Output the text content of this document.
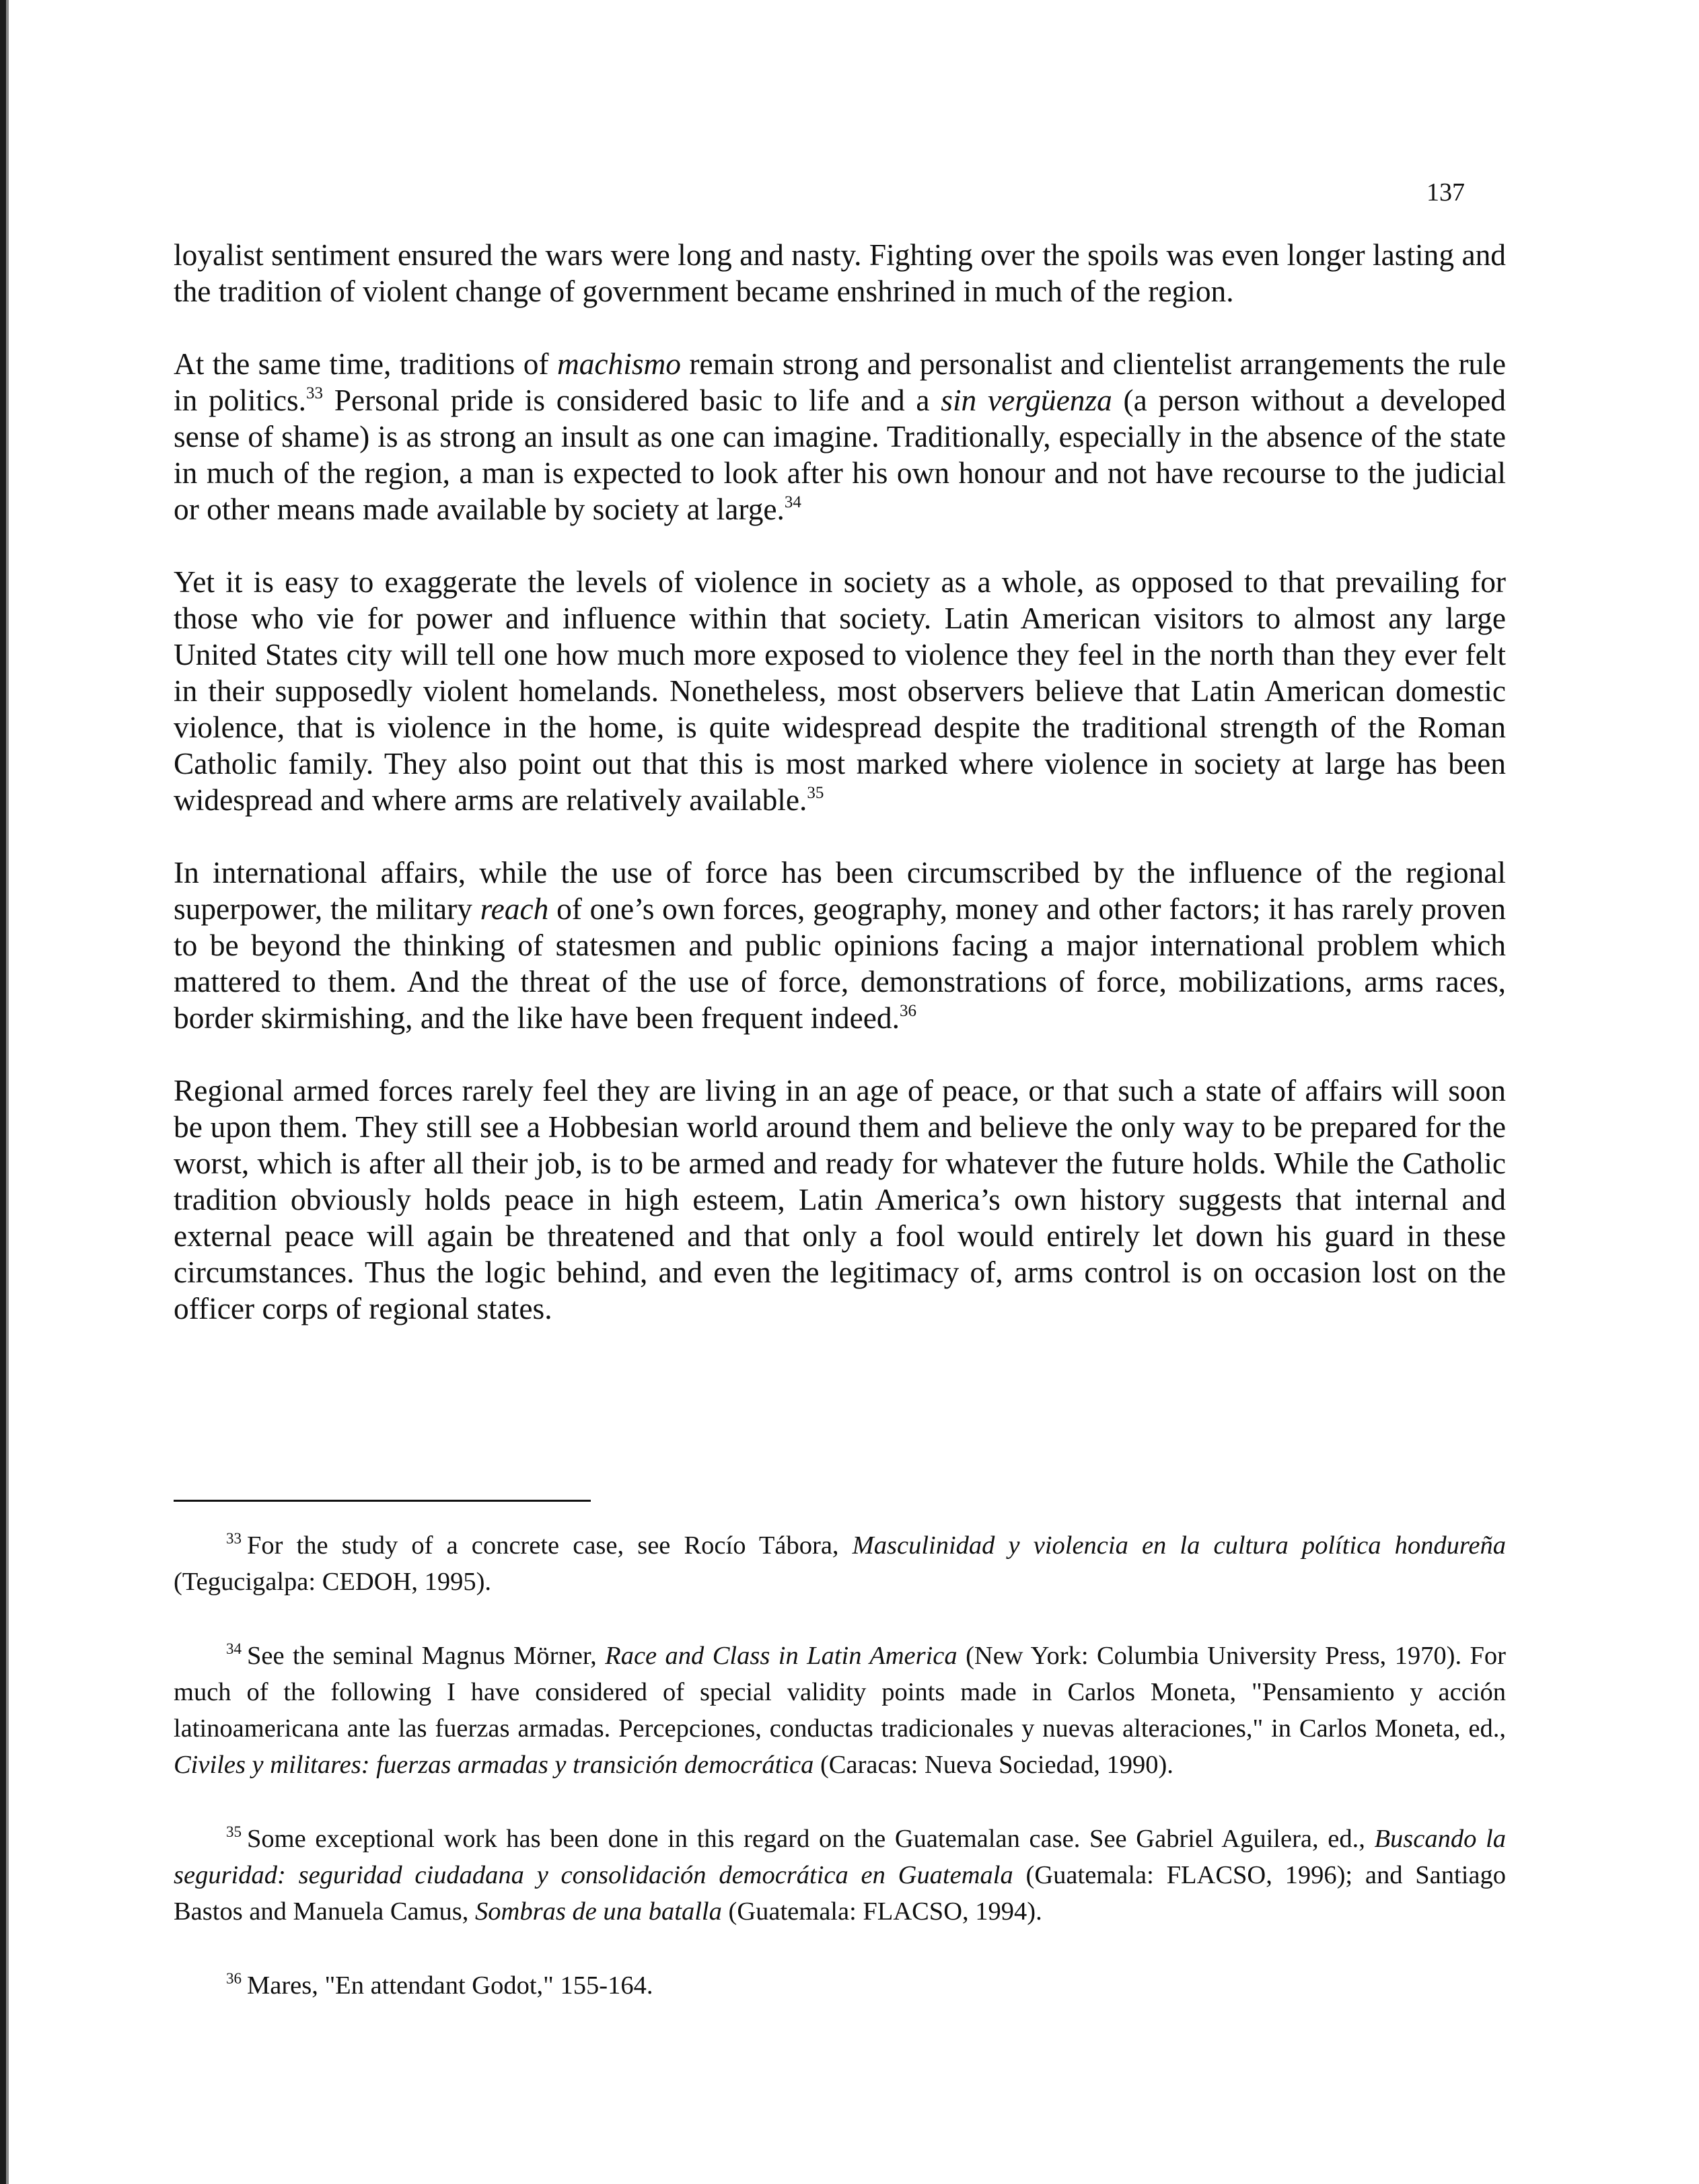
137

loyalist sentiment ensured the wars were long and nasty. Fighting over the spoils was even longer lasting and the tradition of violent change of government became enshrined in much of the region.

At the same time, traditions of machismo remain strong and personalist and clientelist arrangements the rule in politics.$^{33}$ Personal pride is considered basic to life and a sin vergüenza (a person without a developed sense of shame) is as strong an insult as one can imagine. Traditionally, especially in the absence of the state in much of the region, a man is expected to look after his own honour and not have recourse to the judicial or other means made available by society at large.$^{34}$

Yet it is easy to exaggerate the levels of violence in society as a whole, as opposed to that prevailing for those who vie for power and influence within that society. Latin American visitors to almost any large United States city will tell one how much more exposed to violence they feel in the north than they ever felt in their supposedly violent homelands. Nonetheless, most observers believe that Latin American domestic violence, that is violence in the home, is quite widespread despite the traditional strength of the Roman Catholic family. They also point out that this is most marked where violence in society at large has been widespread and where arms are relatively available.$^{35}$

In international affairs, while the use of force has been circumscribed by the influence of the regional superpower, the military reach of one’s own forces, geography, money and other factors; it has rarely proven to be beyond the thinking of statesmen and public opinions facing a major international problem which mattered to them. And the threat of the use of force, demonstrations of force, mobilizations, arms races, border skirmishing, and the like have been frequent indeed.$^{36}$

Regional armed forces rarely feel they are living in an age of peace, or that such a state of affairs will soon be upon them. They still see a Hobbesian world around them and believe the only way to be prepared for the worst, which is after all their job, is to be armed and ready for whatever the future holds. While the Catholic tradition obviously holds peace in high esteem, Latin America’s own history suggests that internal and external peace will again be threatened and that only a fool would entirely let down his guard in these circumstances. Thus the logic behind, and even the legitimacy of, arms control is on occasion lost on the officer corps of regional states.

$^{33}$ For the study of a concrete case, see Rocío Tábora, Masculinidad y violencia en la cultura política hondureña (Tegucigalpa: CEDOH, 1995).

$^{34}$ See the seminal Magnus Mörner, Race and Class in Latin America (New York: Columbia University Press, 1970). For much of the following I have considered of special validity points made in Carlos Moneta, "Pensamiento y acción latinoamericana ante las fuerzas armadas. Percepciones, conductas tradicionales y nuevas alteraciones," in Carlos Moneta, ed., Civiles y militares: fuerzas armadas y transición democrática (Caracas: Nueva Sociedad, 1990).

$^{35}$ Some exceptional work has been done in this regard on the Guatemalan case. See Gabriel Aguilera, ed., Buscando la seguridad: seguridad ciudadana y consolidación democrática en Guatemala (Guatemala: FLACSO, 1996); and Santiago Bastos and Manuela Camus, Sombras de una batalla (Guatemala: FLACSO, 1994).

$^{36}$ Mares, "En attendant Godot," 155-164.
